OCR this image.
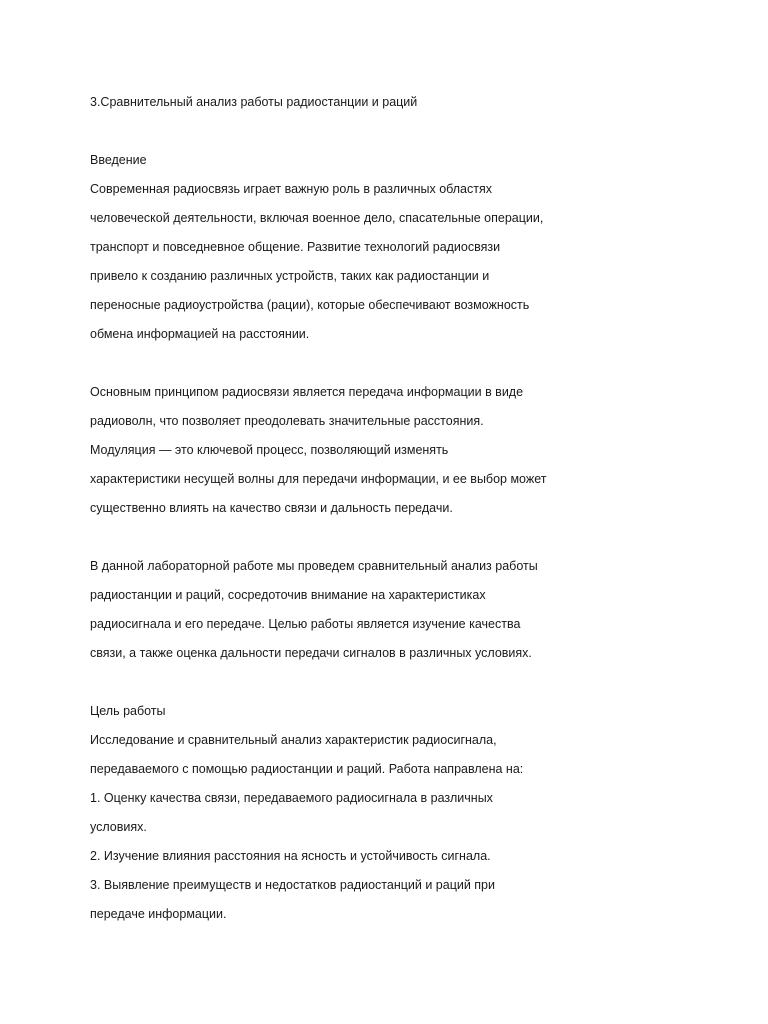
3.Сравнительный анализ работы радиостанции и раций
Введение
Современная радиосвязь играет важную роль в различных областях
человеческой деятельности, включая военное дело, спасательные операции,
транспорт и повседневное общение. Развитие технологий радиосвязи
привело к созданию различных устройств, таких как радиостанции и
переносные радиоустройства (рации), которые обеспечивают возможность
обмена информацией на расстоянии.
Основным принципом радиосвязи является передача информации в виде
радиоволн, что позволяет преодолевать значительные расстояния.
Модуляция — это ключевой процесс, позволяющий изменять
характеристики несущей волны для передачи информации, и ее выбор может
существенно влиять на качество связи и дальность передачи.
В данной лабораторной работе мы проведем сравнительный анализ работы
радиостанции и раций, сосредоточив внимание на характеристиках
радиосигнала и его передаче. Целью работы является изучение качества
связи, а также оценка дальности передачи сигналов в различных условиях.
Цель работы
Исследование и сравнительный анализ характеристик радиосигнала,
передаваемого с помощью радиостанции и раций. Работа направлена на:
1. Оценку качества связи, передаваемого радиосигнала в различных
условиях.
2. Изучение влияния расстояния на ясность и устойчивость сигнала.
3. Выявление преимуществ и недостатков радиостанций и раций при
передаче информации.
